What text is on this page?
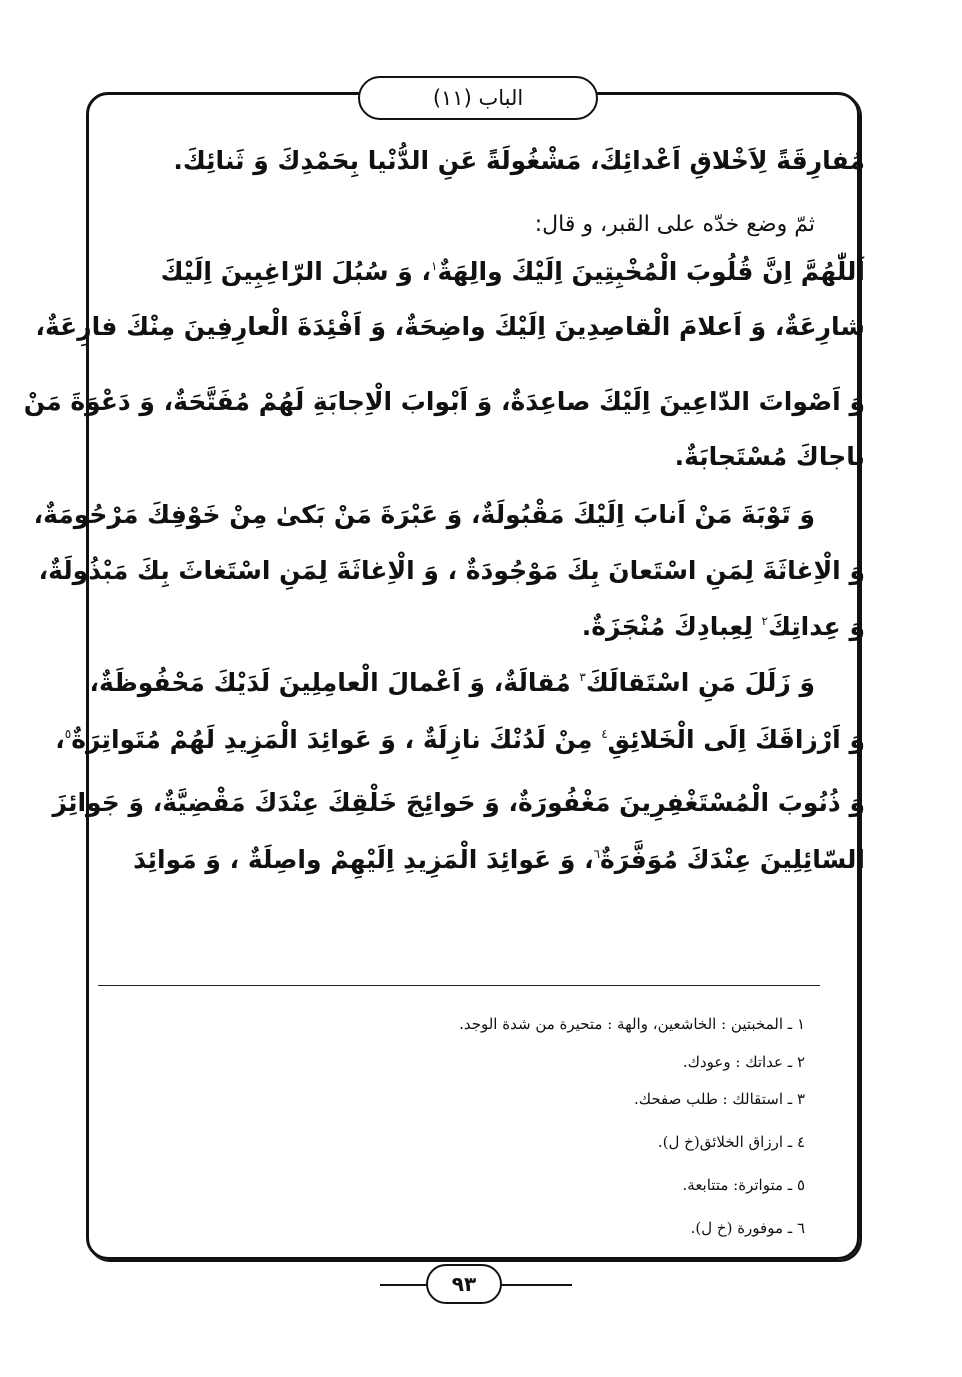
الباب (١١)
مُفارِقَةً لِاَخْلاقِ اَعْدائِكَ، مَشْغُولَةً عَنِ الدُّنْيا بِحَمْدِكَ وَ ثَنائِكَ.
ثمّ وضع خدّه على القبر، و قال:
اَللّٰهُمَّ اِنَّ قُلُوبَ الْمُخْبِتِينَ اِلَيْكَ والِهَةٌ$^١$، وَ سُبُلَ الرّاغِبِينَ اِلَيْكَ
شارِعَةٌ، وَ اَعلامَ الْقاصِدِينَ اِلَيْكَ واضِحَةٌ، وَ اَفْئِدَةَ الْعارِفِينَ مِنْكَ فازِعَةٌ،
وَ اَصْواتَ الدّاعِينَ اِلَيْكَ صاعِدَةٌ، وَ اَبْوابَ الْاِجابَةِ لَهُمْ مُفَتَّحَةٌ، وَ دَعْوَةَ مَنْ
ناجاكَ مُسْتَجابَةٌ.
وَ تَوْبَةَ مَنْ اَنابَ اِلَيْكَ مَقْبُولَةٌ، وَ عَبْرَةَ مَنْ بَكىٰ مِنْ خَوْفِكَ مَرْحُومَةٌ،
وَ الْاِغاثَةَ لِمَنِ اسْتَعانَ بِكَ مَوْجُودَةٌ ، وَ الْاِغاثَةَ لِمَنِ اسْتَغاثَ بِكَ مَبْذُولَةٌ،
وَ عِداتِكَ$^٢$ لِعِبادِكَ مُنْجَزَةٌ.
وَ زَلَلَ مَنِ اسْتَقالَكَ$^٣$ مُقالَةٌ، وَ اَعْمالَ الْعامِلِينَ لَدَيْكَ مَحْفُوظَةٌ،
وَ اَرْزاقَكَ اِلَى الْخَلائِقِ$^٤$ مِنْ لَدُنْكَ نازِلَةٌ ، وَ عَوائِدَ الْمَزِيدِ لَهُمْ مُتَواتِرَةٌ$^٥$،
وَ ذُنُوبَ الْمُسْتَغْفِرِينَ مَغْفُورَةٌ، وَ حَوائِجَ خَلْقِكَ عِنْدَكَ مَقْضِيَّةٌ، وَ جَوائِزَ
السّائِلِينَ عِنْدَكَ مُوَفَّرَةٌ$^٦$، وَ عَوائِدَ الْمَزِيدِ اِلَيْهِمْ واصِلَةٌ ، وَ مَوائِدَ
١ ـ المخبتين : الخاشعين، والهة : متحيرة من شدة الوجد.
٢ ـ عداتك : وعودك.
٣ ـ استقالك : طلب صفحك.
٤ ـ ارزاق الخلائق(خ ل).
٥ ـ متواترة: متتابعة.
٦ ـ موفورة (خ ل).
٩٣
